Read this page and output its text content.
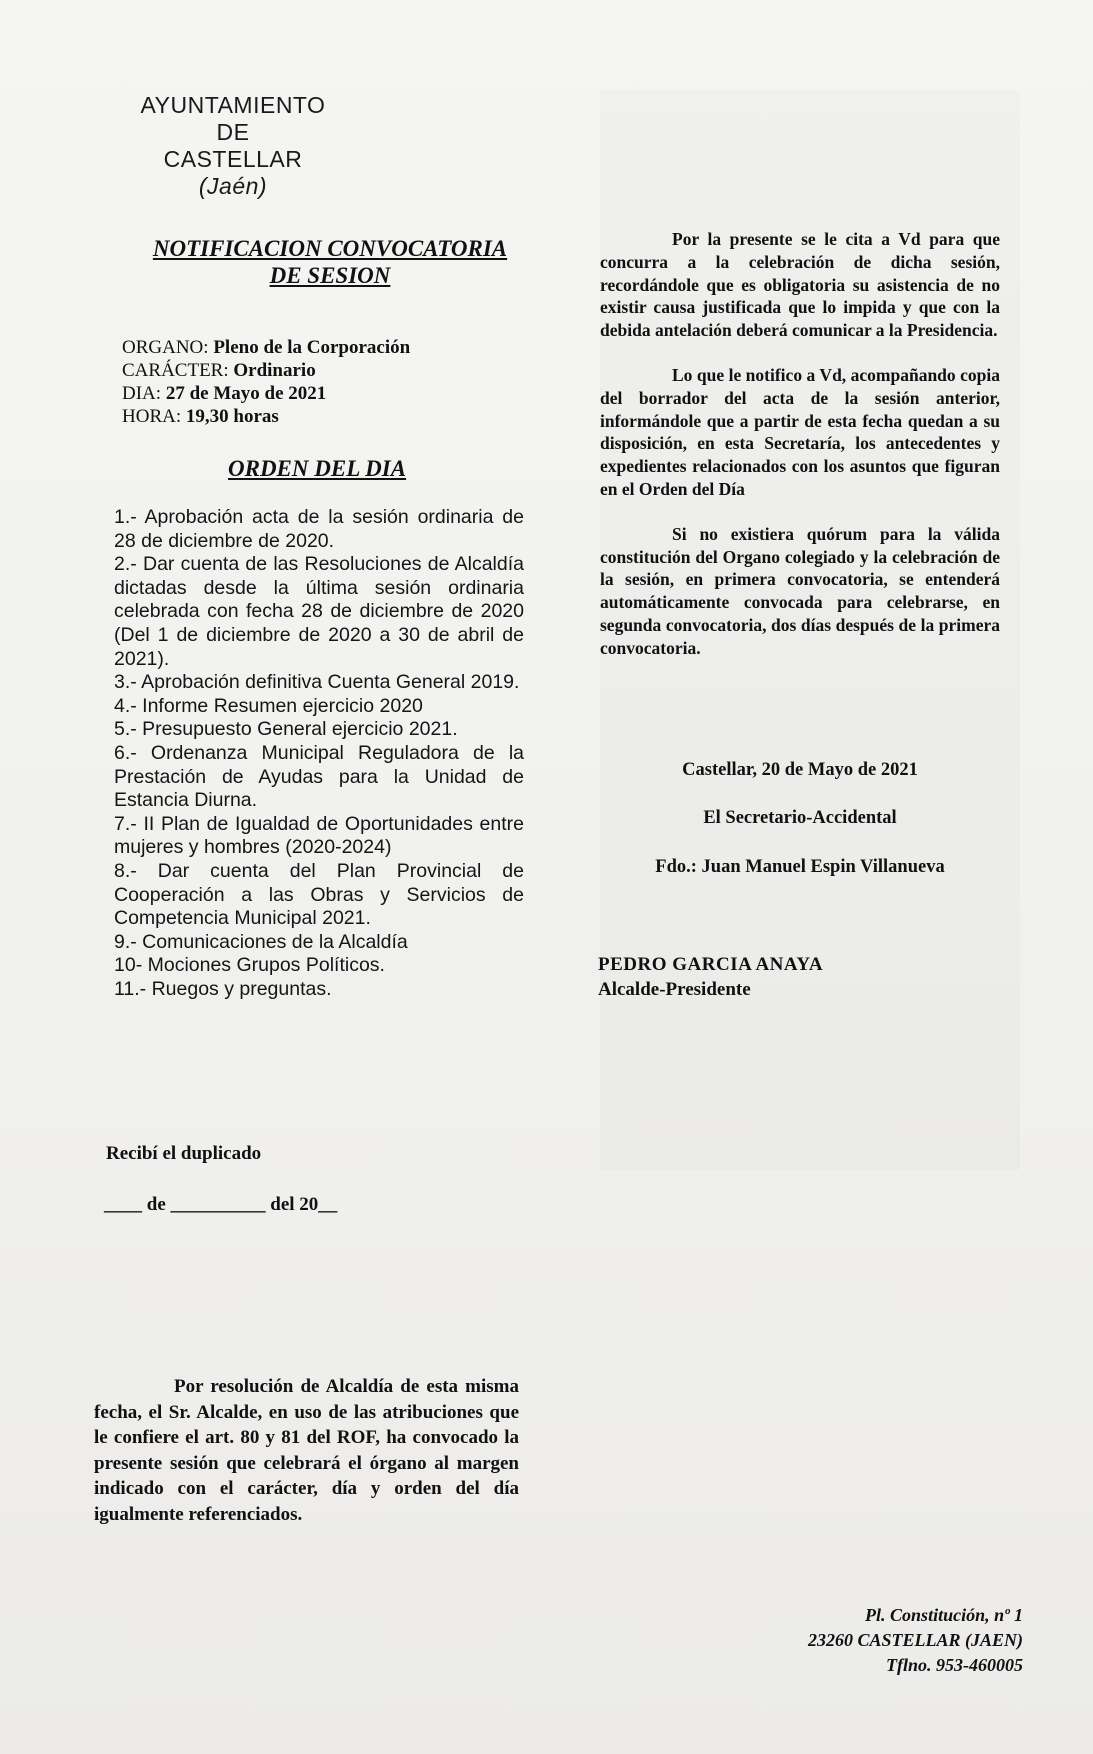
AYUNTAMIENTO
DE
CASTELLAR
(Jaén)
NOTIFICACION CONVOCATORIA
DE SESION
ORGANO: Pleno de la Corporación
CARÁCTER: Ordinario
DIA: 27 de Mayo de 2021
HORA: 19,30 horas
ORDEN DEL DIA
1.- Aprobación acta de la sesión ordinaria de 28 de diciembre de 2020.
2.- Dar cuenta de las Resoluciones de Alcaldía dictadas desde la última sesión ordinaria celebrada con fecha 28 de diciembre de 2020 (Del 1 de diciembre de 2020 a 30 de abril de 2021).
3.- Aprobación definitiva Cuenta General 2019.
4.- Informe Resumen ejercicio 2020
5.- Presupuesto General ejercicio 2021.
6.- Ordenanza Municipal Reguladora de la Prestación de Ayudas para la Unidad de Estancia Diurna.
7.- II Plan de Igualdad de Oportunidades entre mujeres y hombres (2020-2024)
8.- Dar cuenta del Plan Provincial de Cooperación a las Obras y Servicios de Competencia Municipal 2021.
9.- Comunicaciones de la Alcaldía
10- Mociones Grupos Políticos.
11.- Ruegos y preguntas.
Recibí el duplicado
____ de __________ del 20__
Por resolución de Alcaldía de esta misma fecha, el Sr. Alcalde, en uso de las atribuciones que le confiere el art. 80 y 81 del ROF, ha convocado la presente sesión que celebrará el órgano al margen indicado con el carácter, día y orden del día igualmente referenciados.

Por la presente se le cita a Vd para que concurra a la celebración de dicha sesión, recordándole que es obligatoria su asistencia de no existir causa justificada que lo impida y que con la debida antelación deberá comunicar a la Presidencia.

Lo que le notifico a Vd, acompañando copia del borrador del acta de la sesión anterior, informándole que a partir de esta fecha quedan a su disposición, en esta Secretaría, los antecedentes y expedientes relacionados con los asuntos que figuran en el Orden del Día

Si no existiera quórum para la válida constitución del Organo colegiado y la celebración de la sesión, en primera convocatoria, se entenderá automáticamente convocada para celebrarse, en segunda convocatoria, dos días después de la primera convocatoria.

Castellar, 20 de Mayo de 2021
El Secretario-Accidental
Fdo.: Juan Manuel Espin Villanueva
PEDRO GARCIA ANAYA
Alcalde-Presidente
Pl. Constitución, nº 1
23260 CASTELLAR (JAEN)
Tflno. 953-460005
